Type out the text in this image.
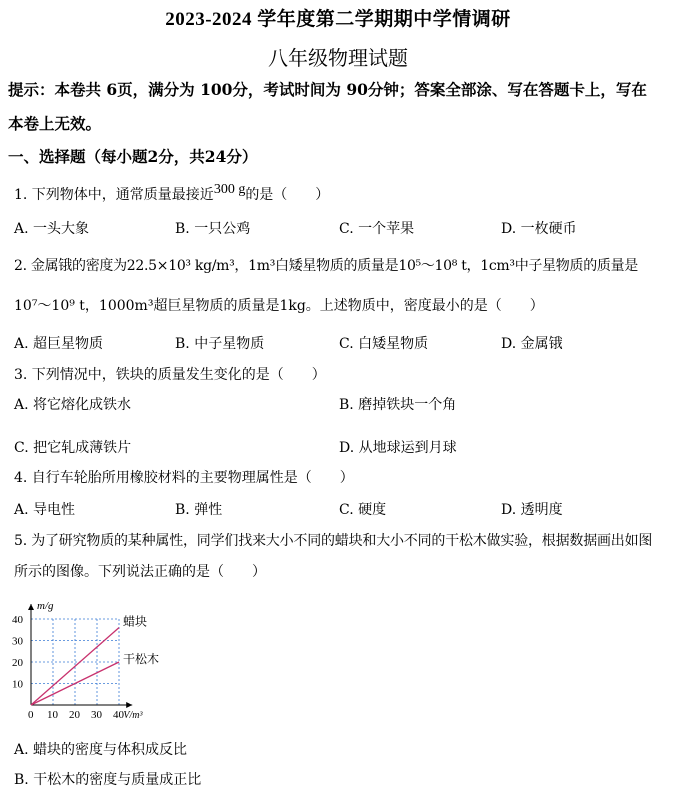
2023-2024 学年度第二学期期中学情调研
八年级物理试题
提示：本卷共 6页，满分为 100分，考试时间为 90分钟；答案全部涂、写在答题卡上，写在
本卷上无效。
一、选择题（每小题2分，共24分）
1. 下列物体中，通常质量最接近300 g的是（　　）
A. 一头大象	B. 一只公鸡	C. 一个苹果	D. 一枚硬币
2. 金属锇的密度为22.5×10³ kg/m³，1m³白矮星物质的质量是10⁵～10⁸ t，1cm³中子星物质的质量是
10⁷～10⁹ t，1000m³超巨星物质的质量是1kg。上述物质中，密度最小的是（　　）
A. 超巨星物质	B. 中子星物质	C. 白矮星物质	D. 金属锇
3. 下列情况中，铁块的质量发生变化的是（　　）
A. 将它熔化成铁水	B. 磨掉铁块一个角
C. 把它轧成薄铁片	D. 从地球运到月球
4. 自行车轮胎所用橡胶材料的主要物理属性是（　　）
A. 导电性	B. 弹性	C. 硬度	D. 透明度
5. 为了研究物质的某种属性，同学们找来大小不同的蜡块和大小不同的干松木做实验，根据数据画出如图
所示的图像。下列说法正确的是（　　）
m/g
V/m³
0 10 20 30 40
10
20
30
40	蜡块
干松木
A. 蜡块的密度与体积成反比
B. 干松木的密度与质量成正比
